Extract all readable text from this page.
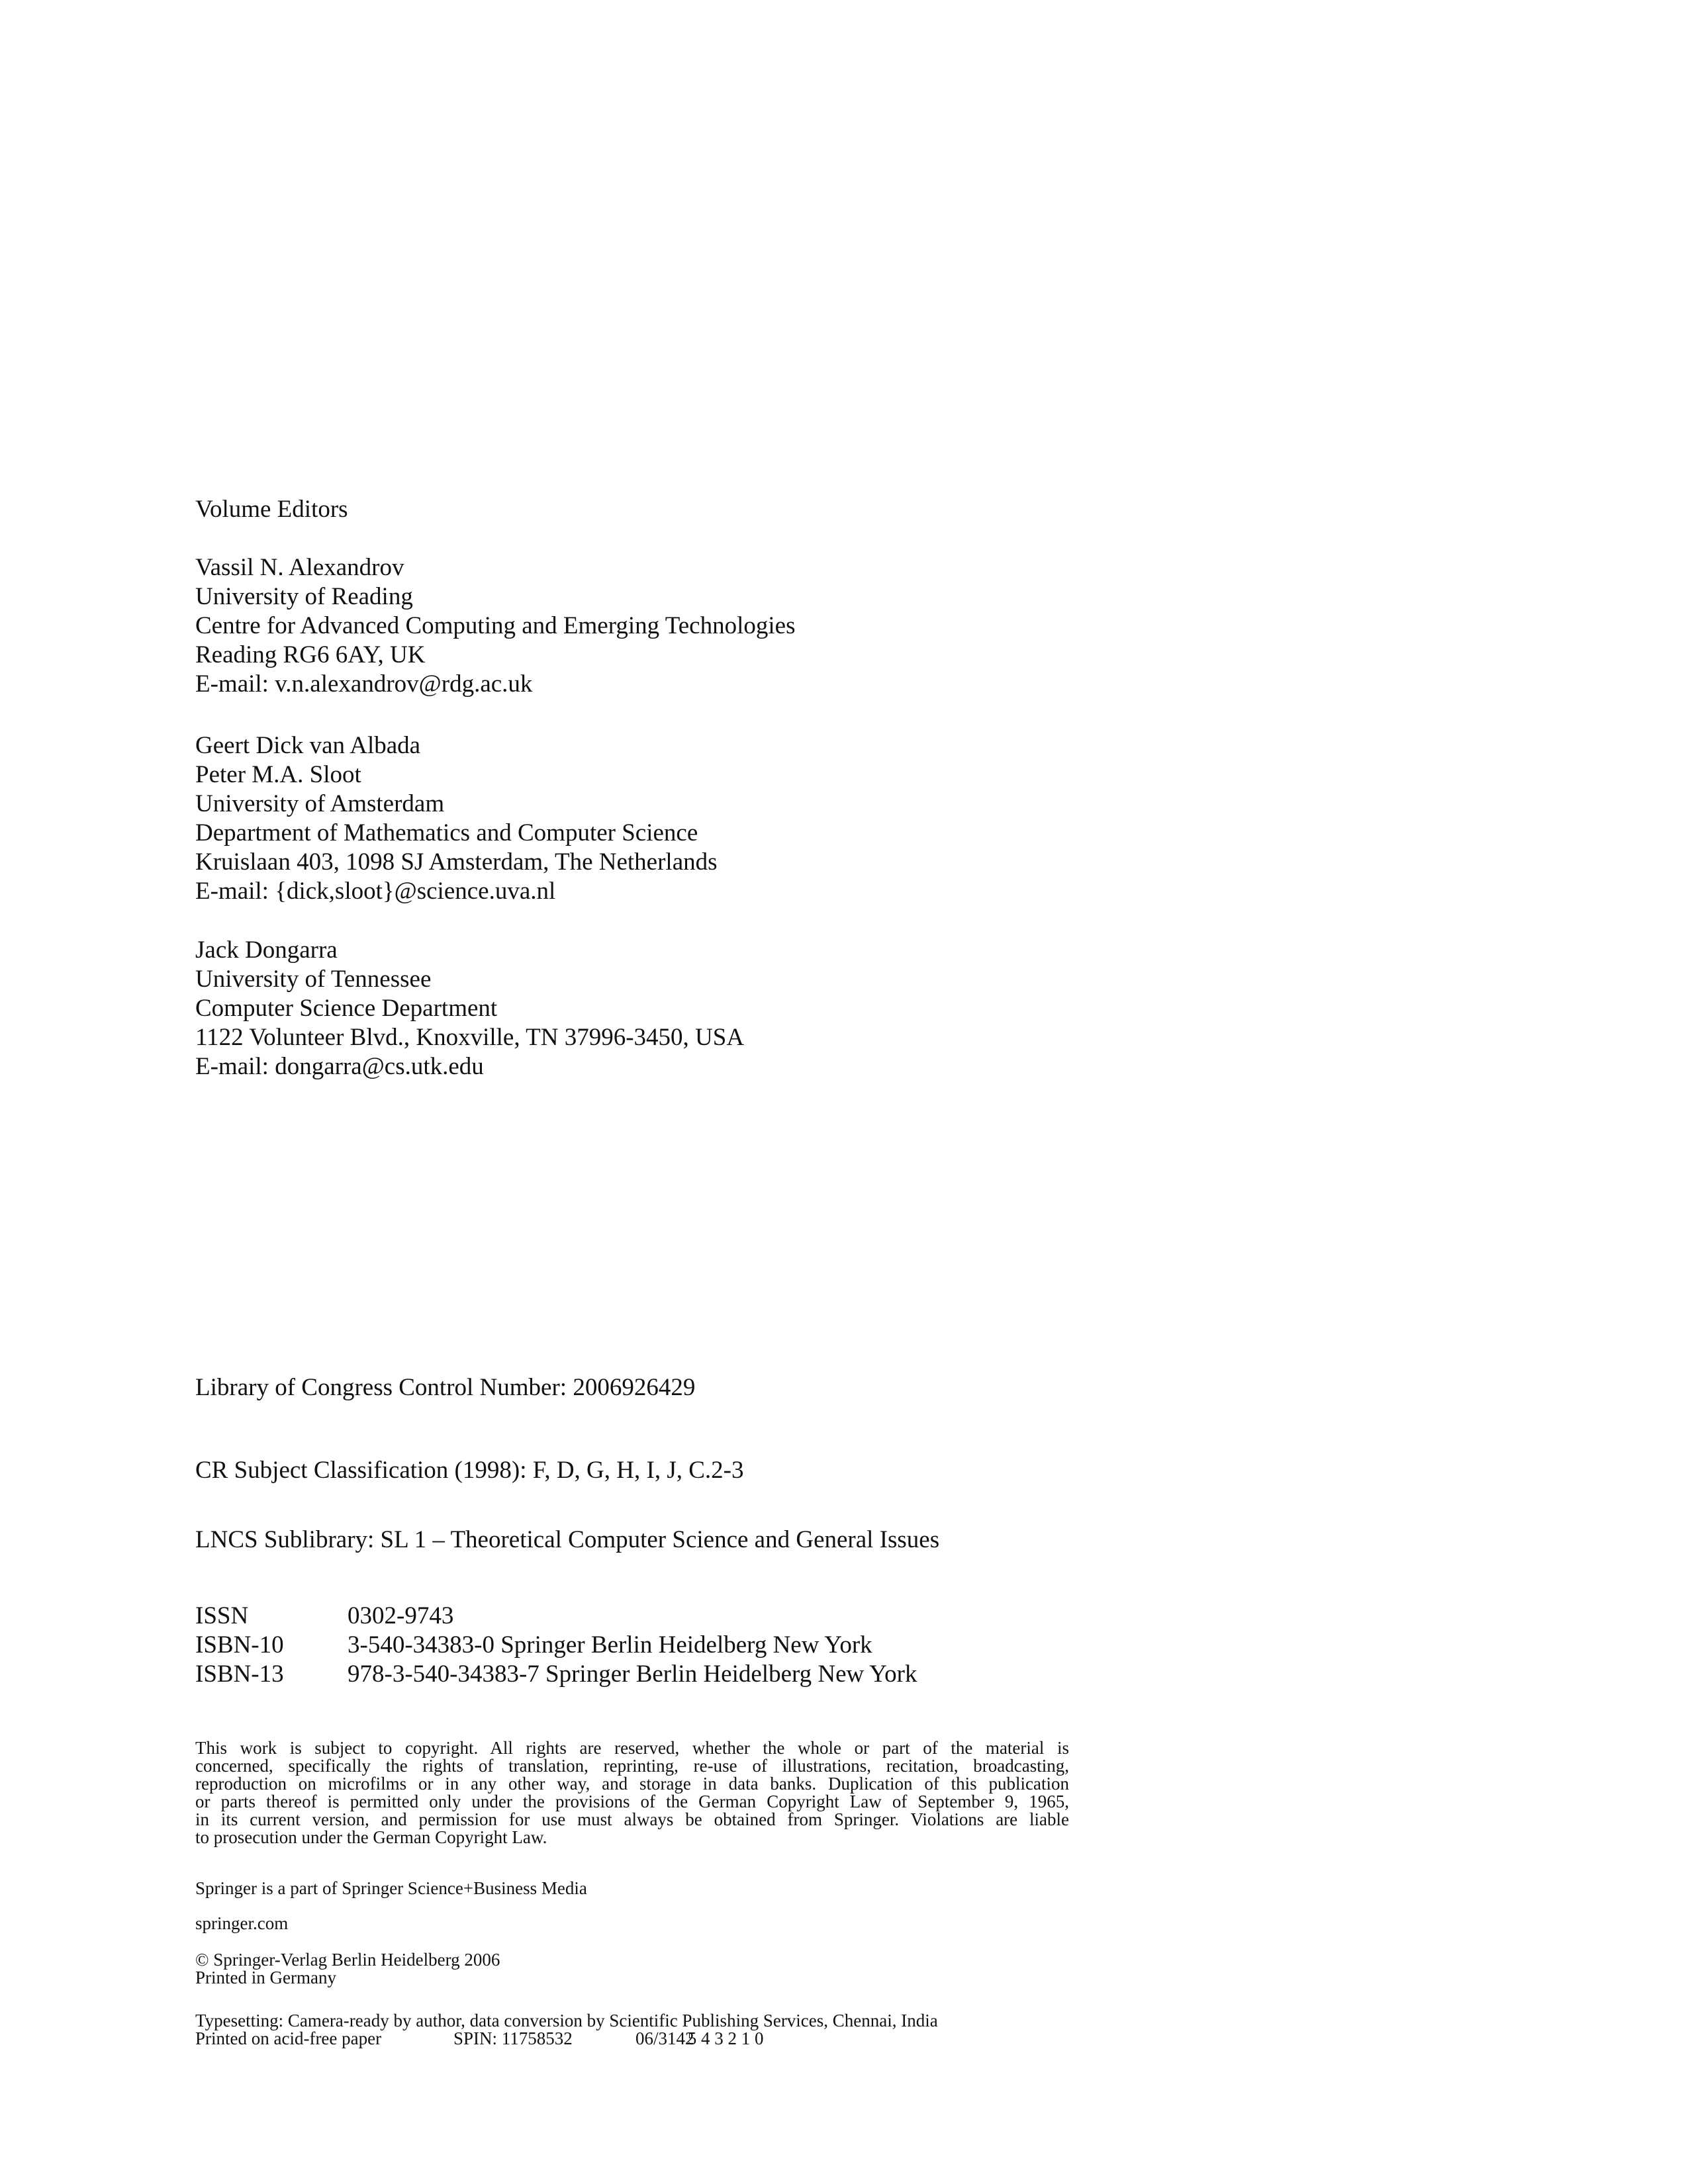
Volume Editors
Vassil N. Alexandrov
University of Reading
Centre for Advanced Computing and Emerging Technologies
Reading RG6 6AY, UK
E-mail: v.n.alexandrov@rdg.ac.uk
Geert Dick van Albada
Peter M.A. Sloot
University of Amsterdam
Department of Mathematics and Computer Science
Kruislaan 403, 1098 SJ Amsterdam, The Netherlands
E-mail: {dick,sloot}@science.uva.nl
Jack Dongarra
University of Tennessee
Computer Science Department
1122 Volunteer Blvd., Knoxville, TN 37996-3450, USA
E-mail: dongarra@cs.utk.edu
Library of Congress Control Number: 2006926429
CR Subject Classification (1998): F, D, G, H, I, J, C.2-3
LNCS Sublibrary: SL 1 – Theoretical Computer Science and General Issues
ISSN	0302-9743
ISBN-10	3-540-34383-0 Springer Berlin Heidelberg New York
ISBN-13	978-3-540-34383-7 Springer Berlin Heidelberg New York
This work is subject to copyright. All rights are reserved, whether the whole or part of the material is
concerned, specifically the rights of translation, reprinting, re-use of illustrations, recitation, broadcasting,
reproduction on microfilms or in any other way, and storage in data banks. Duplication of this publication
or parts thereof is permitted only under the provisions of the German Copyright Law of September 9, 1965,
in its current version, and permission for use must always be obtained from Springer. Violations are liable
to prosecution under the German Copyright Law.
Springer is a part of Springer Science+Business Media
springer.com
© Springer-Verlag Berlin Heidelberg 2006
Printed in Germany
Typesetting: Camera-ready by author, data conversion by Scientific Publishing Services, Chennai, India
Printed on acid-free paper	SPIN: 11758532	06/3142 5 4 3 2 1 0
